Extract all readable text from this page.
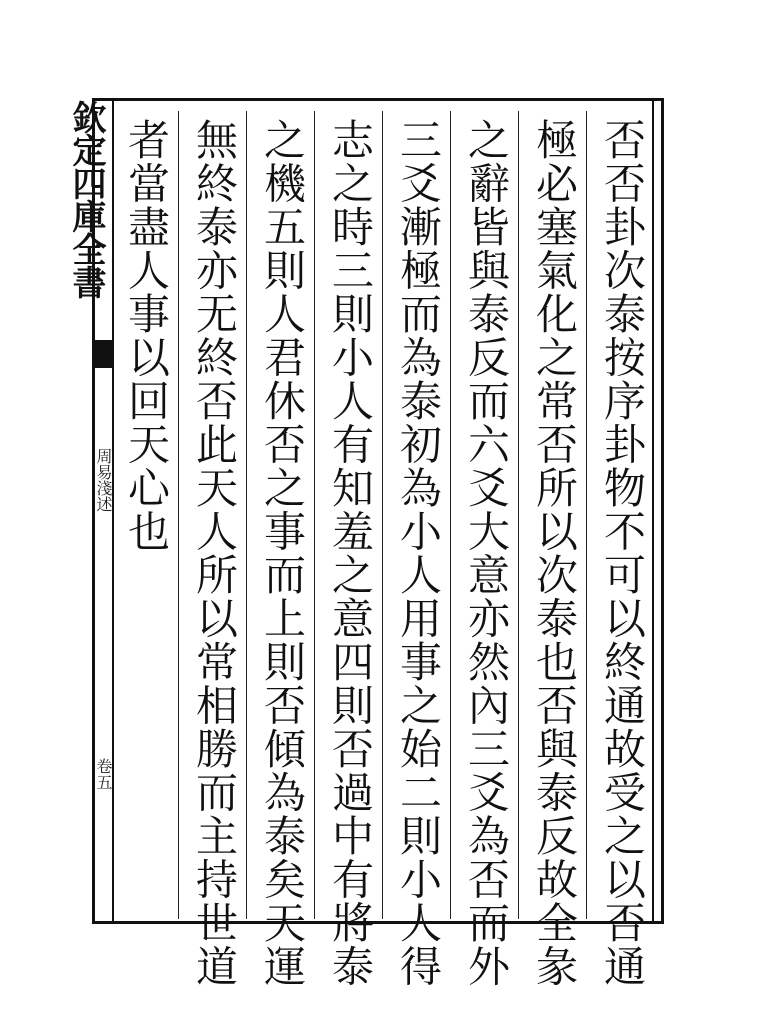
欽定四庫全書
周易淺述
卷五	否否卦次泰按序卦物不可以終通故受之以否通
極必塞氣化之常否所以次泰也否與泰反故全彖
之辭皆與泰反而六爻大意亦然內三爻為否而外
三爻漸極而為泰初為小人用事之始二則小人得
志之時三則小人有知羞之意四則否過中有將泰
之機五則人君休否之事而上則否傾為泰矣天運
無終泰亦无終否此天人所以常相勝而主持世道
者當盡人事以回天心也
